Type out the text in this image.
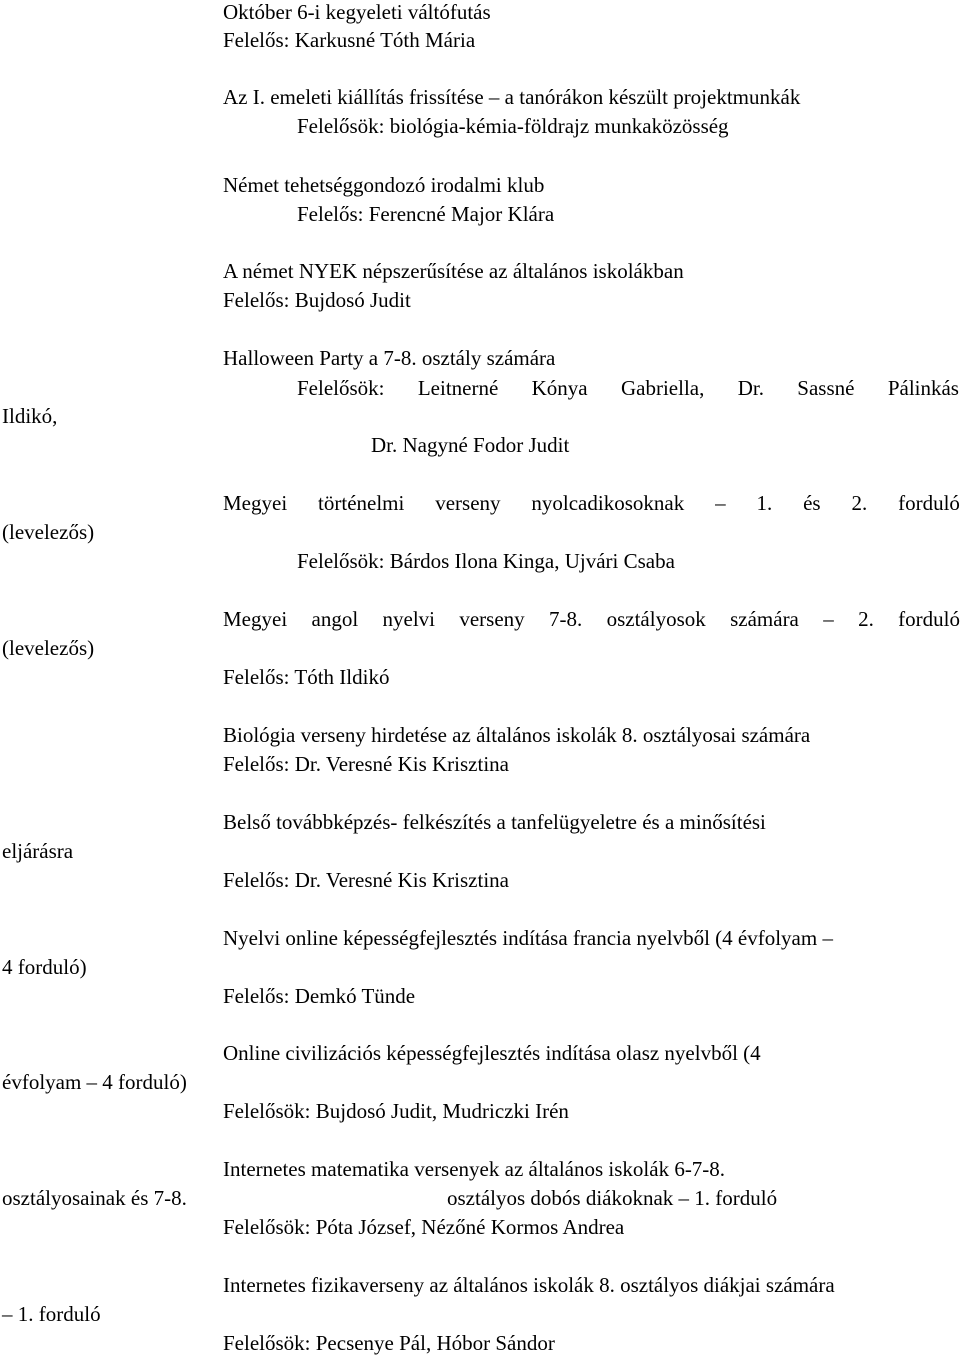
Október 6-i kegyeleti váltófutás

Felelős: Karkusné Tóth Mária

Az I. emeleti kiállítás frissítése – a tanórákon készült projektmunkák

Felelősök: biológia-kémia-földrajz munkaközösség

Német tehetséggondozó irodalmi klub

Felelős: Ferencné Major Klára

A német NYEK népszerűsítése az általános iskolákban

Felelős: Bujdosó Judit

Halloween Party a 7-8. osztály számára

Felelősök: Leitnerné Kónya Gabriella, Dr. Sassné Pálinkás

Ildikó,

Dr. Nagyné Fodor Judit

Megyei történelmi verseny nyolcadikosoknak – 1. és 2. forduló

(levelezős)

Felelősök: Bárdos Ilona Kinga, Ujvári Csaba

Megyei angol nyelvi verseny 7-8. osztályosok számára – 2. forduló

(levelezős)

Felelős: Tóth Ildikó

Biológia verseny hirdetése az általános iskolák 8. osztályosai számára

Felelős: Dr. Veresné Kis Krisztina

Belső továbbképzés- felkészítés a tanfelügyeletre és a minősítési

eljárásra

Felelős: Dr. Veresné Kis Krisztina

Nyelvi online képességfejlesztés indítása francia nyelvből (4 évfolyam –

4 forduló)

Felelős: Demkó Tünde

Online civilizációs képességfejlesztés indítása olasz nyelvből (4

évfolyam – 4 forduló)

Felelősök: Bujdosó Judit, Mudriczki Irén

Internetes matematika versenyek az általános iskolák 6-7-8.

osztályosainak és 7-8.	osztályos dobós diákoknak – 1. forduló

Felelősök: Póta József, Nézőné Kormos Andrea

Internetes fizikaverseny az általános iskolák 8. osztályos diákjai számára

– 1. forduló

Felelősök: Pecsenye Pál, Hóbor Sándor
